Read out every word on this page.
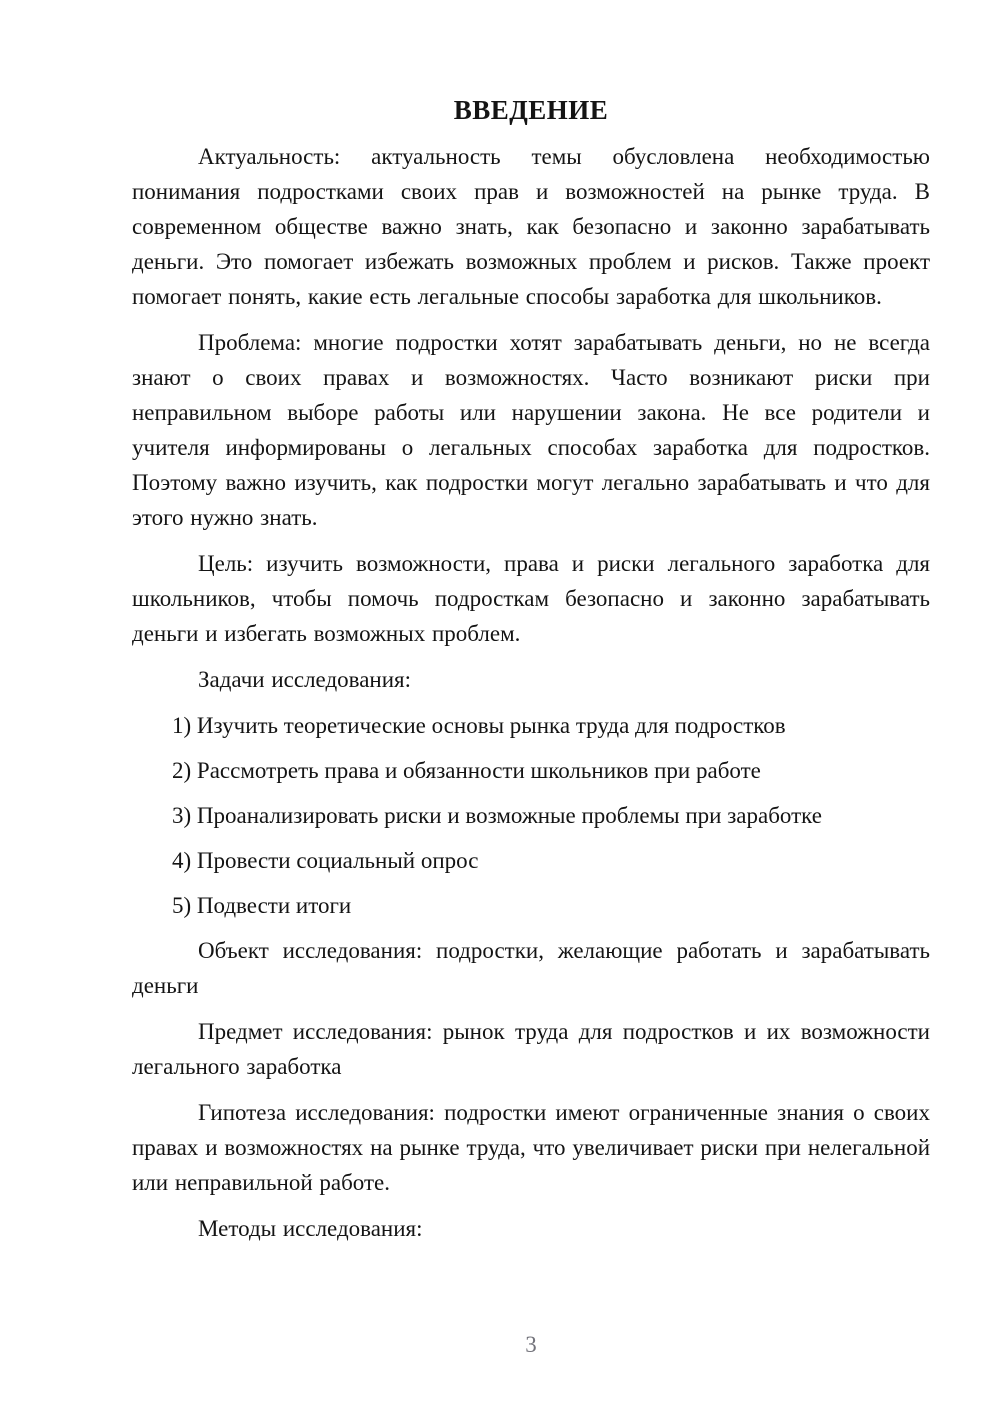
ВВЕДЕНИЕ

Актуальность: актуальность темы обусловлена необходимостью понимания подростками своих прав и возможностей на рынке труда. В современном обществе важно знать, как безопасно и законно зарабатывать деньги. Это помогает избежать возможных проблем и рисков. Также проект помогает понять, какие есть легальные способы заработка для школьников.

Проблема: многие подростки хотят зарабатывать деньги, но не всегда знают о своих правах и возможностях. Часто возникают риски при неправильном выборе работы или нарушении закона. Не все родители и учителя информированы о легальных способах заработка для подростков. Поэтому важно изучить, как подростки могут легально зарабатывать и что для этого нужно знать.

Цель: изучить возможности, права и риски легального заработка для школьников, чтобы помочь подросткам безопасно и законно зарабатывать деньги и избегать возможных проблем.

Задачи исследования:

1) Изучить теоретические основы рынка труда для подростков
2) Рассмотреть права и обязанности школьников при работе
3) Проанализировать риски и возможные проблемы при заработке
4) Провести социальный опрос
5) Подвести итоги

Объект исследования: подростки, желающие работать и зарабатывать деньги

Предмет исследования: рынок труда для подростков и их возможности легального заработка

Гипотеза исследования: подростки имеют ограниченные знания о своих правах и возможностях на рынке труда, что увеличивает риски при нелегальной или неправильной работе.

Методы исследования:

3
